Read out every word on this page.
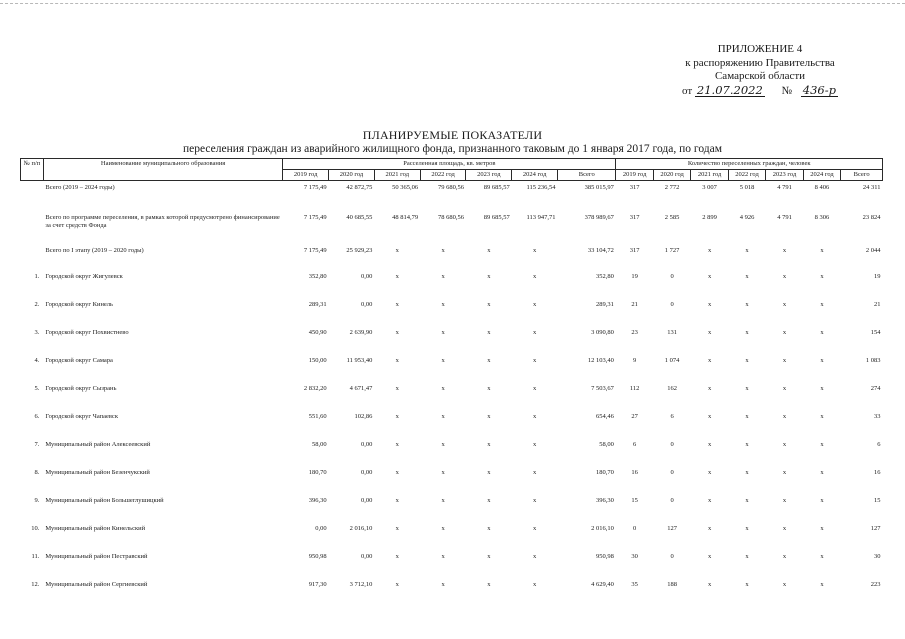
ПРИЛОЖЕНИЕ 4
к распоряжению Правительства
Самарской области
от 21.07.2022 № 436-р
ПЛАНИРУЕМЫЕ ПОКАЗАТЕЛИ
переселения граждан из аварийного жилищного фонда, признанного таковым до 1 января 2017 года, по годам
№ п/п	Наименование муниципального образования	Расселенная площадь, кв. метров							Количество переселенных граждан, человек						
		2019 год	2020 год	2021 год	2022 год	2023 год	2024 год	Всего	2019 год	2020 год	2021 год	2022 год	2023 год	2024 год	Всего
	Всего (2019 – 2024 годы)	7 175,49	42 872,75	50 365,06	79 680,56	89 685,57	115 236,54	385 015,97	317	2 772	3 007	5 018	4 791	8 406	24 311
	Всего по программе переселения, в рамках которой предусмотрено финансирование за счет средств Фонда	7 175,49	40 685,55	48 814,79	78 680,56	89 685,57	113 947,71	378 989,67	317	2 585	2 899	4 926	4 791	8 306	23 824
	Всего по I этапу (2019 – 2020 годы)	7 175,49	25 929,23	x	x	x	x	33 104,72	317	1 727	x	x	x	x	2 044
1.	Городской округ Жигулевск	352,80	0,00	x	x	x	x	352,80	19	0	x	x	x	x	19
2.	Городской округ Кинель	289,31	0,00	x	x	x	x	289,31	21	0	x	x	x	x	21
3.	Городской округ Похвистнево	450,90	2 639,90	x	x	x	x	3 090,80	23	131	x	x	x	x	154
4.	Городской округ Самара	150,00	11 953,40	x	x	x	x	12 103,40	9	1 074	x	x	x	x	1 083
5.	Городской округ Сызрань	2 832,20	4 671,47	x	x	x	x	7 503,67	112	162	x	x	x	x	274
6.	Городской округ Чапаевск	551,60	102,86	x	x	x	x	654,46	27	6	x	x	x	x	33
7.	Муниципальный район Алексеевский	58,00	0,00	x	x	x	x	58,00	6	0	x	x	x	x	6
8.	Муниципальный район Безенчукский	180,70	0,00	x	x	x	x	180,70	16	0	x	x	x	x	16
9.	Муниципальный район Большеглушицкий	396,30	0,00	x	x	x	x	396,30	15	0	x	x	x	x	15
10.	Муниципальный район Кинельский	0,00	2 016,10	x	x	x	x	2 016,10	0	127	x	x	x	x	127
11.	Муниципальный район Пестравский	950,98	0,00	x	x	x	x	950,98	30	0	x	x	x	x	30
12.	Муниципальный район Сергиевский	917,30	3 712,10	x	x	x	x	4 629,40	35	188	x	x	x	x	223
